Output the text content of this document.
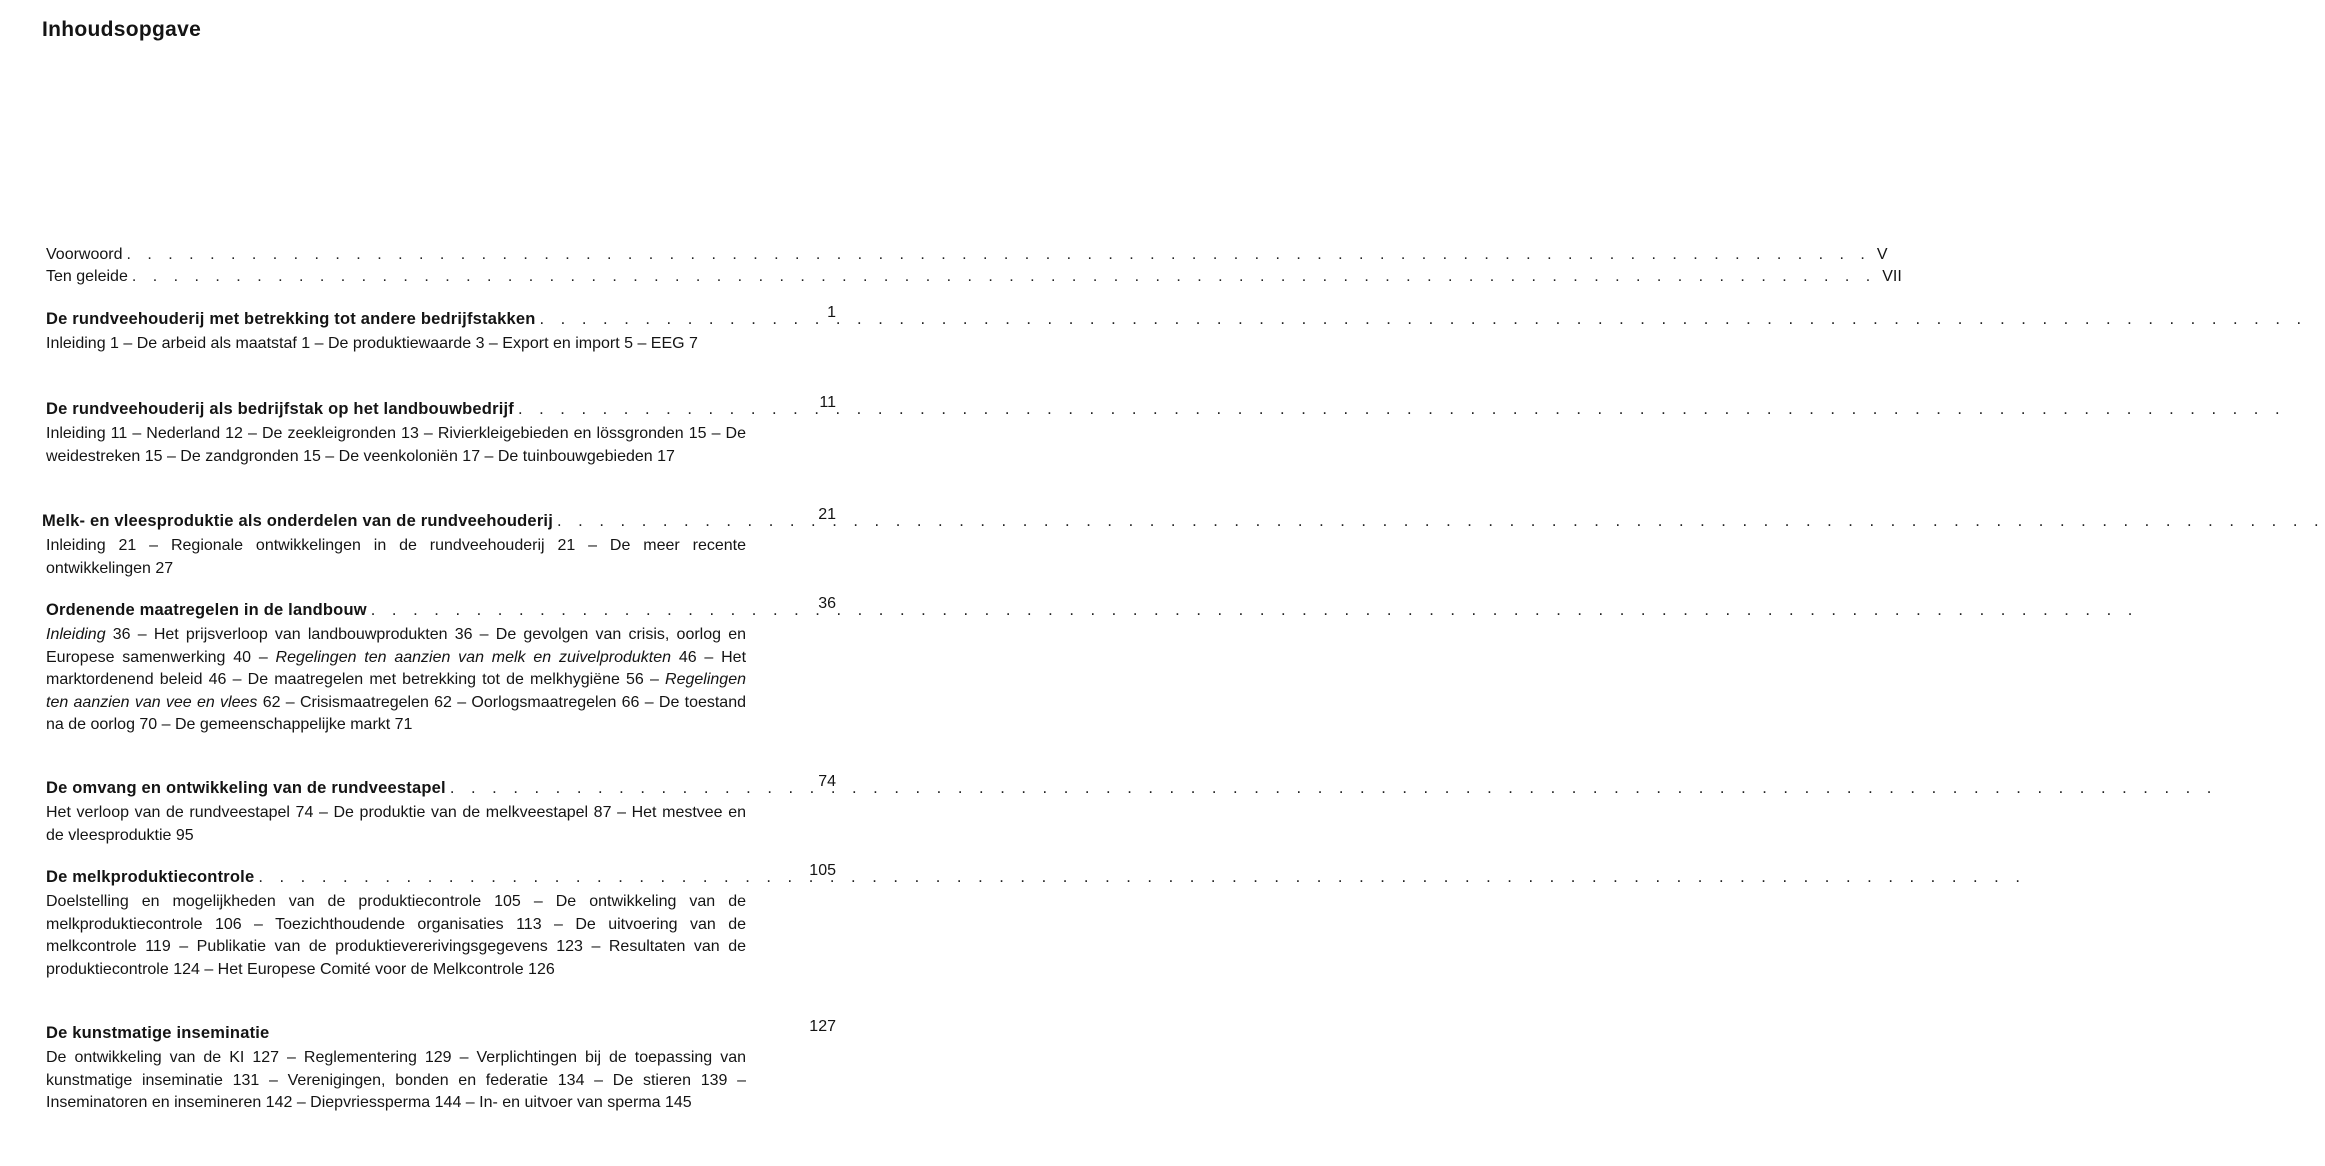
Inhoudsopgave
Voorwoord . . .	V
Ten geleide . . .	VII
De rundveehouderij met betrekking tot andere bedrijfstakken . . .	1
Inleiding 1 – De arbeid als maatstaf 1 – De produktiewaarde 3 – Export en import 5 – EEG 7
De rundveehouderij als bedrijfstak op het landbouwbedrijf . . .	11
Inleiding 11 – Nederland 12 – De zeekleigronden 13 – Rivierkleigebieden en lössgronden 15 – De weidestreken 15 – De zandgronden 15 – De veenkoloniën 17 – De tuinbouwgebieden 17
Melk- en vleesproduktie als onderdelen van de rundveehouderij . . .	21
Inleiding 21 – Regionale ontwikkelingen in de rundveehouderij 21 – De meer recente ontwikkelingen 27
Ordenende maatregelen in de landbouw . . .	36
Inleiding 36 – Het prijsverloop van landbouwprodukten 36 – De gevolgen van crisis, oorlog en Europese samenwerking 40 – Regelingen ten aanzien van melk en zuivelprodukten 46 – Het marktordenend beleid 46 – De maatregelen met betrekking tot de melkhygiëne 56 – Regelingen ten aanzien van vee en vlees 62 – Crisismaatregelen 62 – Oorlogsmaatregelen 66 – De toestand na de oorlog 70 – De gemeenschappelijke markt 71
De omvang en ontwikkeling van de rundveestapel . . .	74
Het verloop van de rundveestapel 74 – De produktie van de melkveestapel 87 – Het mestvee en de vleesproduktie 95
De melkproduktiecontrole . . .	105
Doelstelling en mogelijkheden van de produktiecontrole 105 – De ontwikkeling van de melkproduktiecontrole 106 – Toezichthoudende organisaties 113 – De uitvoering van de melkcontrole 119 – Publikatie van de produktievererivingsgegevens 123 – Resultaten van de produktiecontrole 124 – Het Europese Comité voor de Melkcontrole 126
De kunstmatige inseminatie	127
De ontwikkeling van de KI 127 – Reglementering 129 – Verplichtingen bij de toepassing van kunstmatige inseminatie 131 – Verenigingen, bonden en federatie 134 – De stieren 139 – Inseminatoren en insemineren 142 – Diepvriessperma 144 – In- en uitvoer van sperma 145
